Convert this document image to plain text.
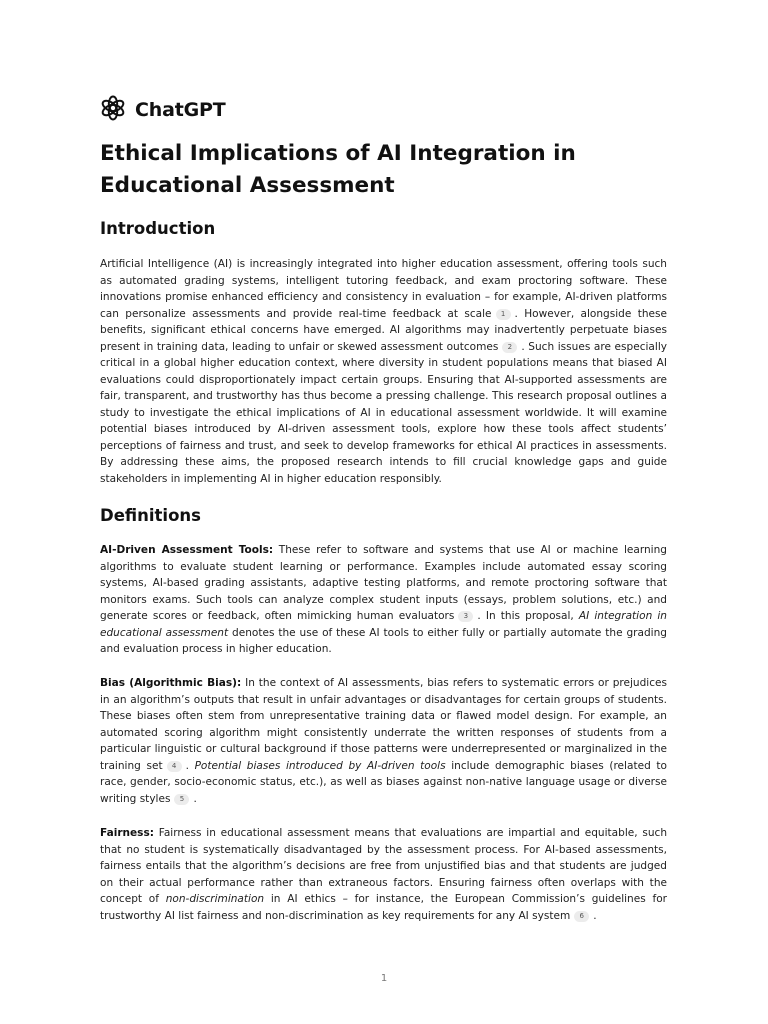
ChatGPT
Ethical Implications of AI Integration in Educational Assessment
Introduction

Artificial Intelligence (AI) is increasingly integrated into higher education assessment, offering tools such as automated grading systems, intelligent tutoring feedback, and exam proctoring software. These innovations promise enhanced efficiency and consistency in evaluation – for example, AI-driven platforms can personalize assessments and provide real-time feedback at scale 1 . However, alongside these benefits, significant ethical concerns have emerged. AI algorithms may inadvertently perpetuate biases present in training data, leading to unfair or skewed assessment outcomes 2 . Such issues are especially critical in a global higher education context, where diversity in student populations means that biased AI evaluations could disproportionately impact certain groups. Ensuring that AI-supported assessments are fair, transparent, and trustworthy has thus become a pressing challenge. This research proposal outlines a study to investigate the ethical implications of AI in educational assessment worldwide. It will examine potential biases introduced by AI-driven assessment tools, explore how these tools affect students’ perceptions of fairness and trust, and seek to develop frameworks for ethical AI practices in assessments. By addressing these aims, the proposed research intends to fill crucial knowledge gaps and guide stakeholders in implementing AI in higher education responsibly.

Definitions

AI-Driven Assessment Tools: These refer to software and systems that use AI or machine learning algorithms to evaluate student learning or performance. Examples include automated essay scoring systems, AI-based grading assistants, adaptive testing platforms, and remote proctoring software that monitors exams. Such tools can analyze complex student inputs (essays, problem solutions, etc.) and generate scores or feedback, often mimicking human evaluators 3 . In this proposal, AI integration in educational assessment denotes the use of these AI tools to either fully or partially automate the grading and evaluation process in higher education.

Bias (Algorithmic Bias): In the context of AI assessments, bias refers to systematic errors or prejudices in an algorithm’s outputs that result in unfair advantages or disadvantages for certain groups of students. These biases often stem from unrepresentative training data or flawed model design. For example, an automated scoring algorithm might consistently underrate the written responses of students from a particular linguistic or cultural background if those patterns were underrepresented or marginalized in the training set 4 . Potential biases introduced by AI-driven tools include demographic biases (related to race, gender, socio-economic status, etc.), as well as biases against non-native language usage or diverse writing styles 5 .

Fairness: Fairness in educational assessment means that evaluations are impartial and equitable, such that no student is systematically disadvantaged by the assessment process. For AI-based assessments, fairness entails that the algorithm’s decisions are free from unjustified bias and that students are judged on their actual performance rather than extraneous factors. Ensuring fairness often overlaps with the concept of non-discrimination in AI ethics – for instance, the European Commission’s guidelines for trustworthy AI list fairness and non-discrimination as key requirements for any AI system 6 .

1
